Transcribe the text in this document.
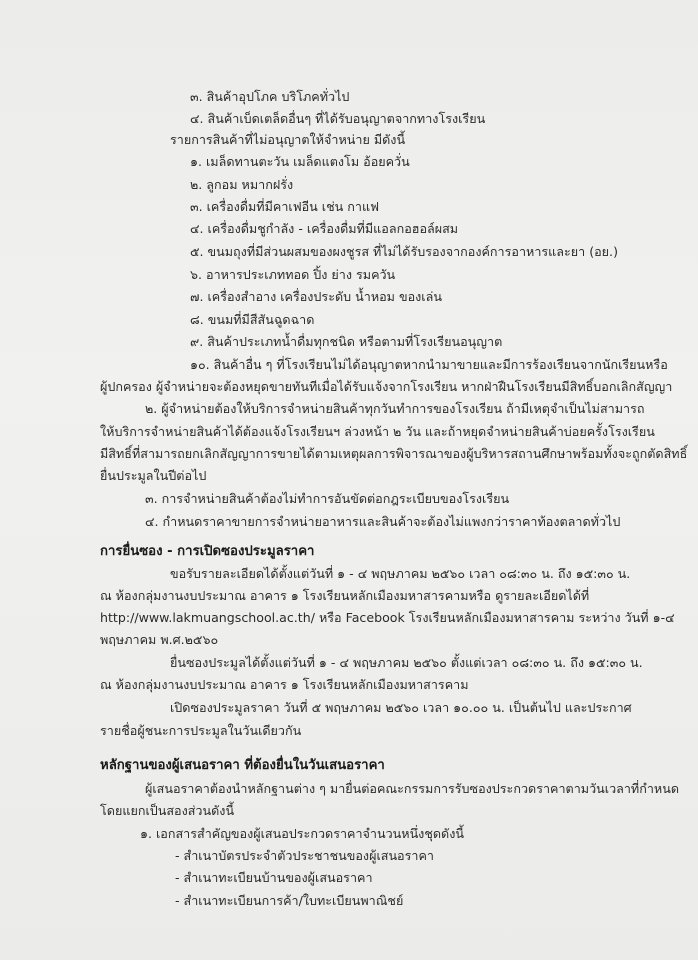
๓. สินค้าอุปโภค บริโภคทั่วไป
๔. สินค้าเบ็ดเตล็ดอื่นๆ ที่ได้รับอนุญาตจากทางโรงเรียน
รายการสินค้าที่ไม่อนุญาตให้จำหน่าย มีดังนี้
๑. เมล็ดทานตะวัน เมล็ดแตงโม อ้อยควั่น
๒. ลูกอม หมากฝรั่ง
๓. เครื่องดื่มที่มีคาเฟอีน เช่น กาแฟ
๔. เครื่องดื่มชูกำลัง - เครื่องดื่มที่มีแอลกอฮอล์ผสม
๕. ขนมถุงที่มีส่วนผสมของผงชูรส ที่ไม่ได้รับรองจากองค์การอาหารและยา (อย.)
๖. อาหารประเภททอด ปิ้ง ย่าง รมควัน
๗. เครื่องสำอาง เครื่องประดับ น้ำหอม ของเล่น
๘. ขนมที่มีสีสันฉูดฉาด
๙. สินค้าประเภทน้ำดื่มทุกชนิด หรือตามที่โรงเรียนอนุญาต
๑๐. สินค้าอื่น ๆ ที่โรงเรียนไม่ได้อนุญาตหากนำมาขายและมีการร้องเรียนจากนักเรียนหรือ
ผู้ปกครอง ผู้จำหน่ายจะต้องหยุดขายทันทีเมื่อได้รับแจ้งจากโรงเรียน หากฝ่าฝืนโรงเรียนมีสิทธิ์บอกเลิกสัญญา
๒. ผู้จำหน่ายต้องให้บริการจำหน่ายสินค้าทุกวันทำการของโรงเรียน ถ้ามีเหตุจำเป็นไม่สามารถ
ให้บริการจำหน่ายสินค้าได้ต้องแจ้งโรงเรียนฯ ล่วงหน้า ๒ วัน และถ้าหยุดจำหน่ายสินค้าบ่อยครั้งโรงเรียน
มีสิทธิ์ที่สามารถยกเลิกสัญญาการขายได้ตามเหตุผลการพิจารณาของผู้บริหารสถานศึกษาพร้อมทั้งจะถูกตัดสิทธิ์
ยื่นประมูลในปีต่อไป
๓. การจำหน่ายสินค้าต้องไม่ทำการอันขัดต่อกฎระเบียบของโรงเรียน
๔. กำหนดราคาขายการจำหน่ายอาหารและสินค้าจะต้องไม่แพงกว่าราคาท้องตลาดทั่วไป
การยื่นซอง - การเปิดซองประมูลราคา
ขอรับรายละเอียดได้ตั้งแต่วันที่ ๑ - ๔ พฤษภาคม ๒๕๖๐ เวลา ๐๘:๓๐ น. ถึง ๑๕:๓๐ น.
ณ ห้องกลุ่มงานงบประมาณ อาคาร ๑ โรงเรียนหลักเมืองมหาสารคามหรือ ดูรายละเอียดได้ที่
http://www.lakmuangschool.ac.th/ หรือ Facebook โรงเรียนหลักเมืองมหาสารคาม ระหว่าง วันที่ ๑-๔
พฤษภาคม พ.ศ.๒๕๖๐
ยื่นซองประมูลได้ตั้งแต่วันที่ ๑ - ๔ พฤษภาคม ๒๕๖๐ ตั้งแต่เวลา ๐๘:๓๐ น. ถึง ๑๕:๓๐ น.
ณ ห้องกลุ่มงานงบประมาณ อาคาร ๑ โรงเรียนหลักเมืองมหาสารคาม
เปิดซองประมูลราคา วันที่ ๕ พฤษภาคม ๒๕๖๐ เวลา ๑๐.๐๐ น. เป็นต้นไป และประกาศ
รายชื่อผู้ชนะการประมูลในวันเดียวกัน
หลักฐานของผู้เสนอราคา ที่ต้องยื่นในวันเสนอราคา
ผู้เสนอราคาต้องนำหลักฐานต่าง ๆ มายื่นต่อคณะกรรมการรับซองประกวดราคาตามวันเวลาที่กำหนด
โดยแยกเป็นสองส่วนดังนี้
๑. เอกสารสำคัญของผู้เสนอประกวดราคาจำนวนหนึ่งชุดดังนี้
- สำเนาบัตรประจำตัวประชาชนของผู้เสนอราคา
- สำเนาทะเบียนบ้านของผู้เสนอราคา
- สำเนาทะเบียนการค้า/ใบทะเบียนพาณิชย์
